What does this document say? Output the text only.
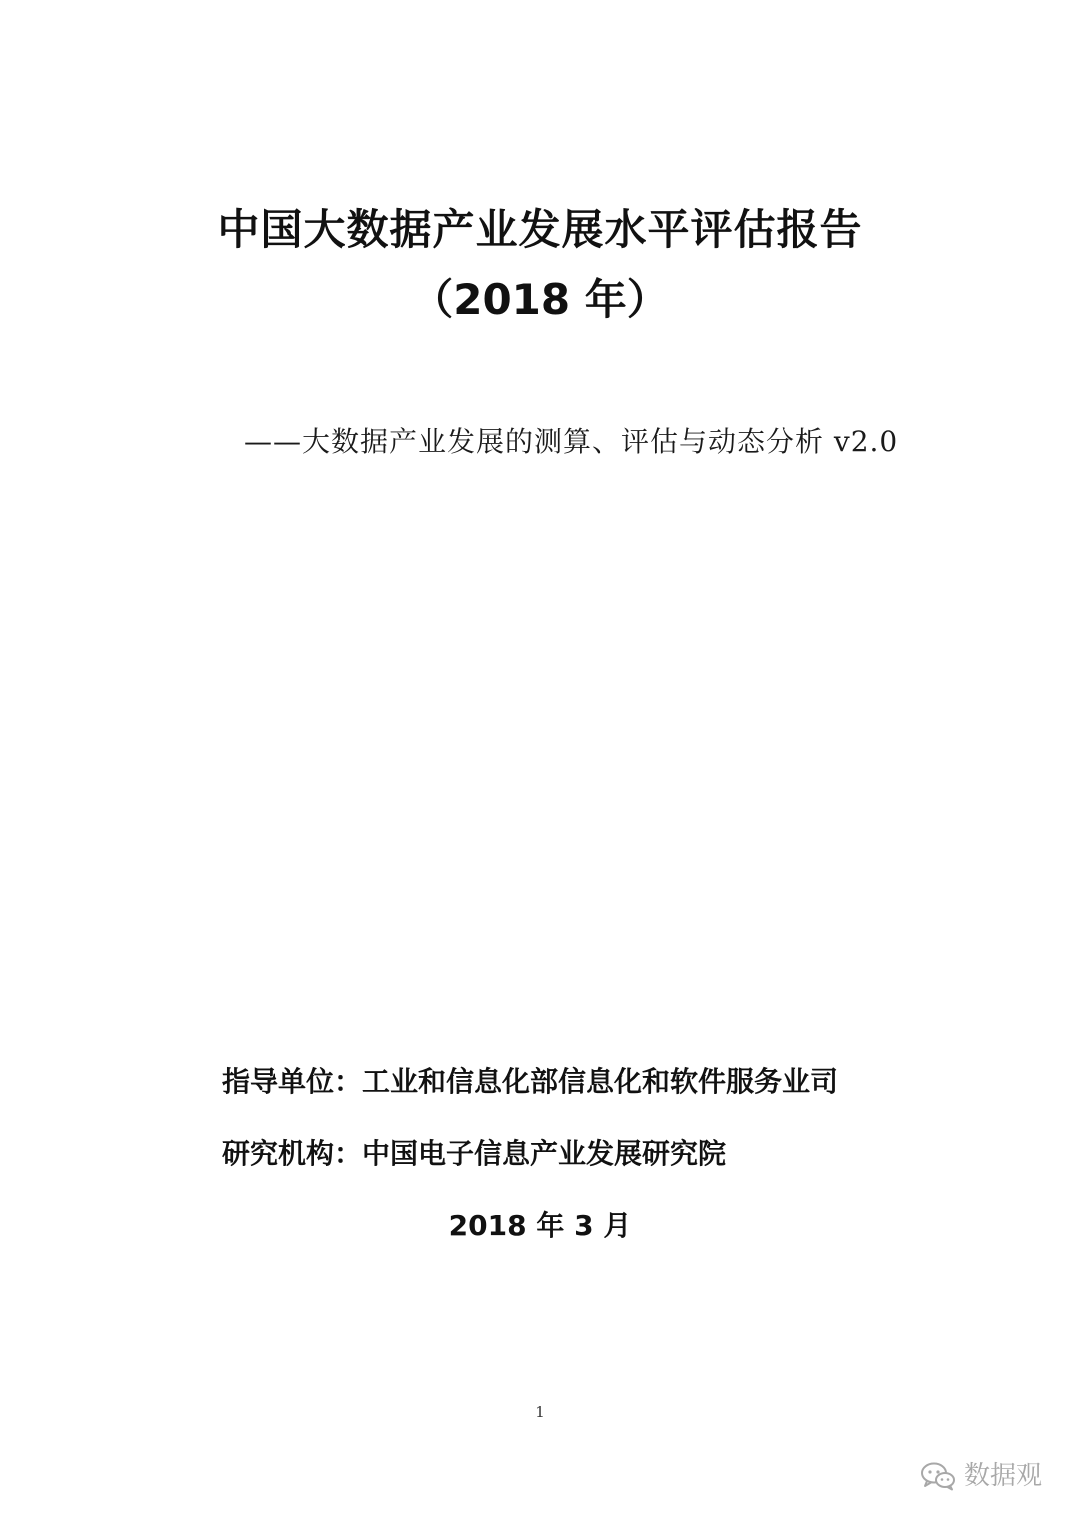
中国大数据产业发展水平评估报告
（2018 年）
——大数据产业发展的测算、评估与动态分析 v2.0
指导单位：工业和信息化部信息化和软件服务业司
研究机构：中国电子信息产业发展研究院
2018 年 3 月
1
数据观
